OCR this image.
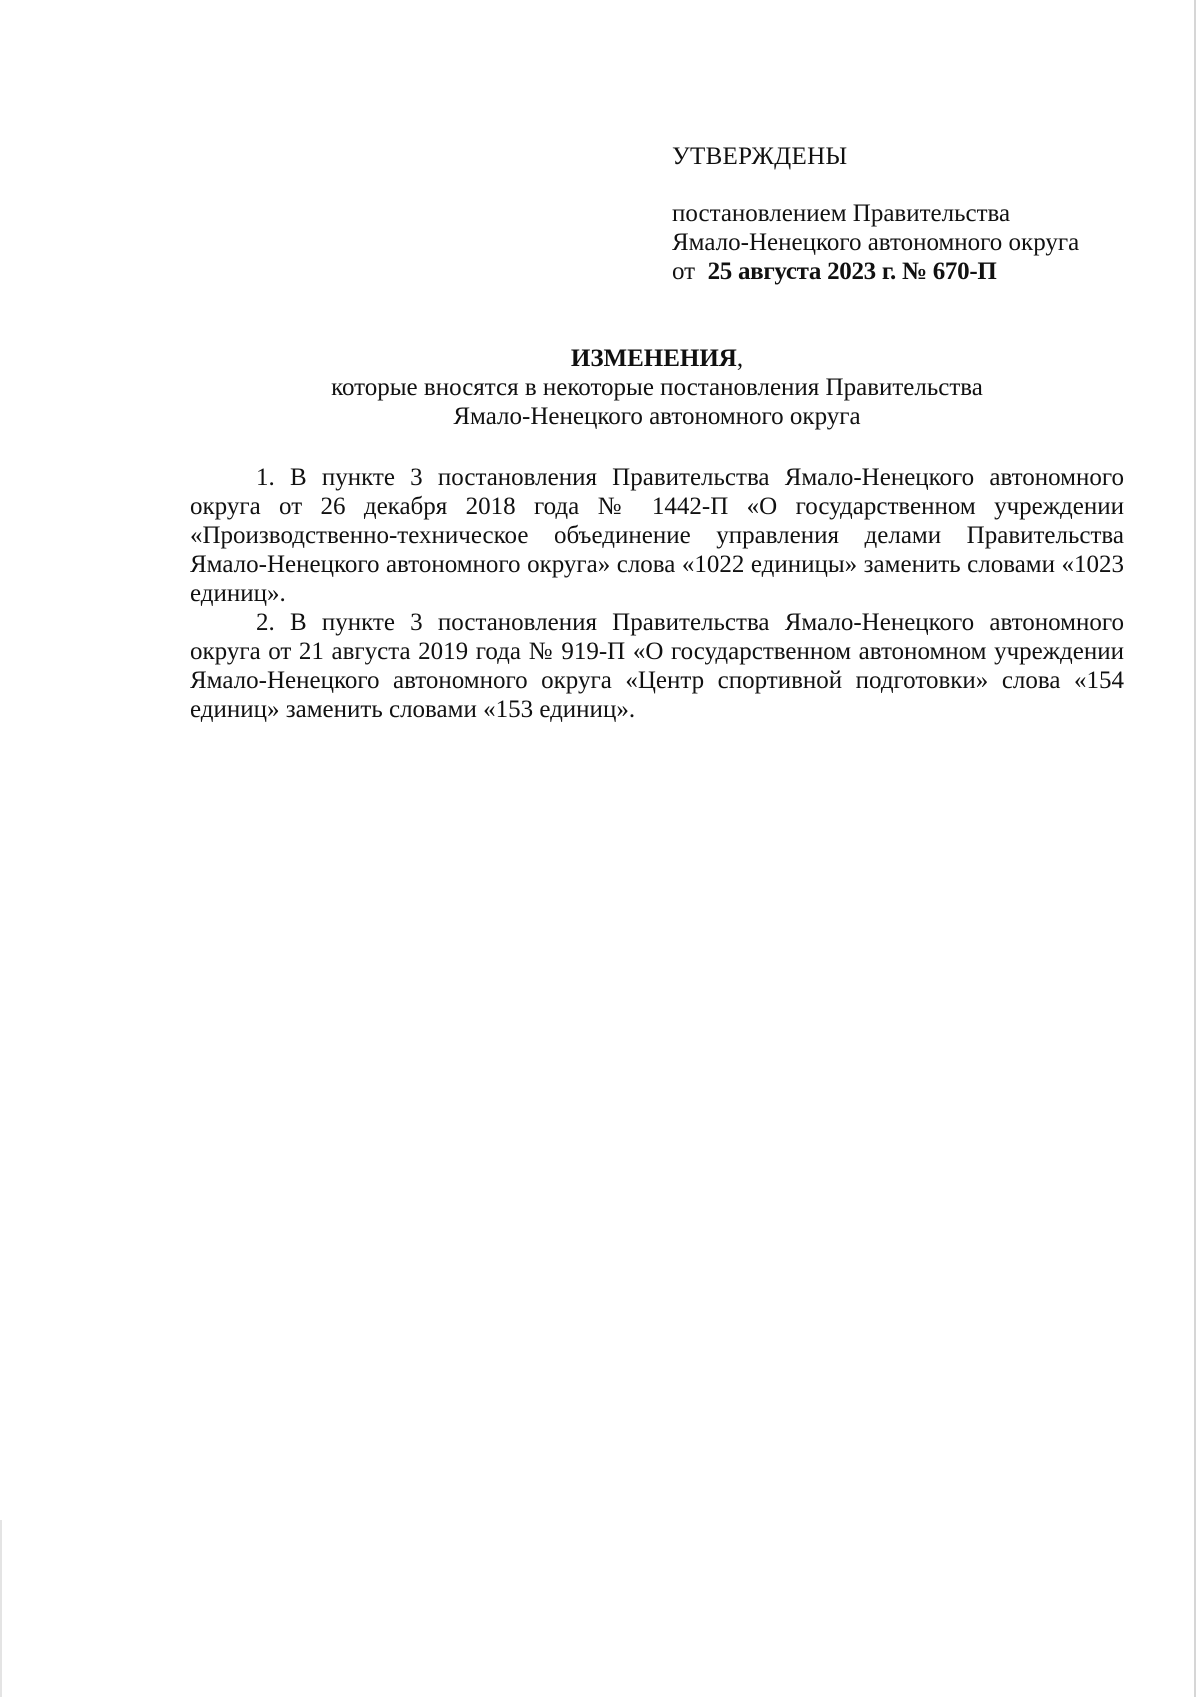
УТВЕРЖДЕНЫ
постановлением Правительства
Ямало-Ненецкого автономного округа
от 25 августа 2023 г. № 670-П
ИЗМЕНЕНИЯ,
которые вносятся в некоторые постановления Правительства
Ямало-Ненецкого автономного округа

1. В пункте 3 постановления Правительства Ямало-Ненецкого автономного округа от 26 декабря 2018 года № 1442-П «О государственном учреждении «Производственно-техническое объединение управления делами Правительства Ямало-Ненецкого автономного округа» слова «1022 единицы» заменить словами «1023 единиц».

2. В пункте 3 постановления Правительства Ямало-Ненецкого автономного округа от 21 августа 2019 года № 919-П «О государственном автономном учреждении Ямало-Ненецкого автономного округа «Центр спортивной подготовки» слова «154 единиц» заменить словами «153 единиц».
